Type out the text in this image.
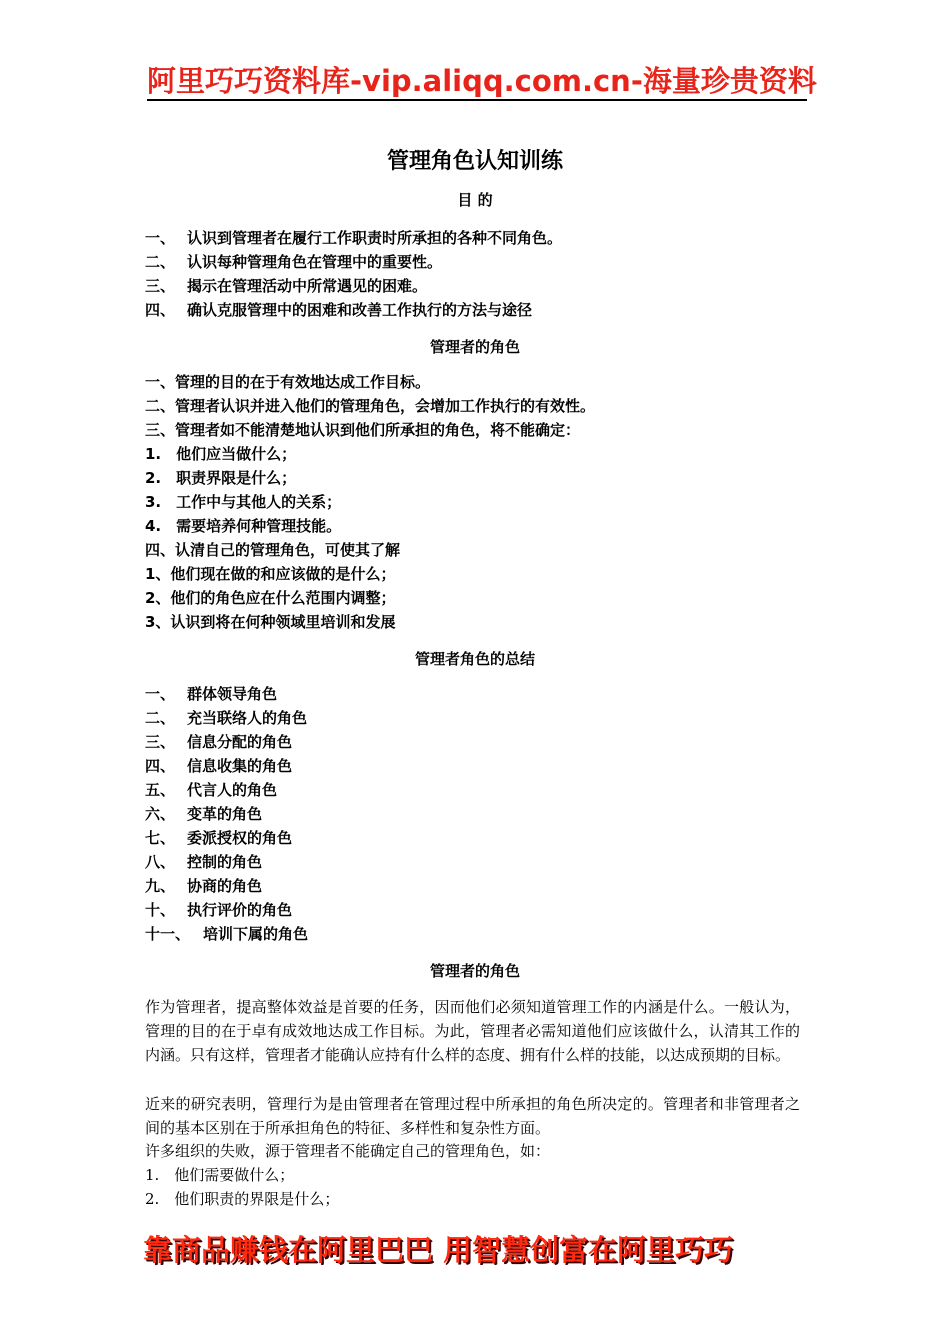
阿里巧巧资料库-vip.aliqq.com.cn-海量珍贵资料
管理角色认知训练
目 的
一、 认识到管理者在履行工作职责时所承担的各种不同角色。
二、 认识每种管理角色在管理中的重要性。
三、 揭示在管理活动中所常遇见的困难。
四、 确认克服管理中的困难和改善工作执行的方法与途径
管理者的角色
一、管理的目的在于有效地达成工作目标。
二、管理者认识并进入他们的管理角色，会增加工作执行的有效性。
三、管理者如不能清楚地认识到他们所承担的角色，将不能确定：
1.　他们应当做什么；
2.　职责界限是什么；
3.　工作中与其他人的关系；
4.　需要培养何种管理技能。
四、认清自己的管理角色，可使其了解
1、他们现在做的和应该做的是什么；
2、他们的角色应在什么范围内调整；
3、认识到将在何种领域里培训和发展
管理者角色的总结
一、 群体领导角色
二、 充当联络人的角色
三、 信息分配的角色
四、 信息收集的角色
五、 代言人的角色
六、 变革的角色
七、 委派授权的角色
八、 控制的角色
九、 协商的角色
十、 执行评价的角色
十一、 培训下属的角色
管理者的角色
作为管理者，提高整体效益是首要的任务，因而他们必须知道管理工作的内涵是什么。一般认为，管理的目的在于卓有成效地达成工作目标。为此，管理者必需知道他们应该做什么，认清其工作的内涵。只有这样，管理者才能确认应持有什么样的态度、拥有什么样的技能，以达成预期的目标。
近来的研究表明，管理行为是由管理者在管理过程中所承担的角色所决定的。管理者和非管理者之间的基本区别在于所承担角色的特征、多样性和复杂性方面。
许多组织的失败，源于管理者不能确定自己的管理角色，如：
1.　他们需要做什么；
2.　他们职责的界限是什么；
靠商品赚钱在阿里巴巴 用智慧创富在阿里巧巧
